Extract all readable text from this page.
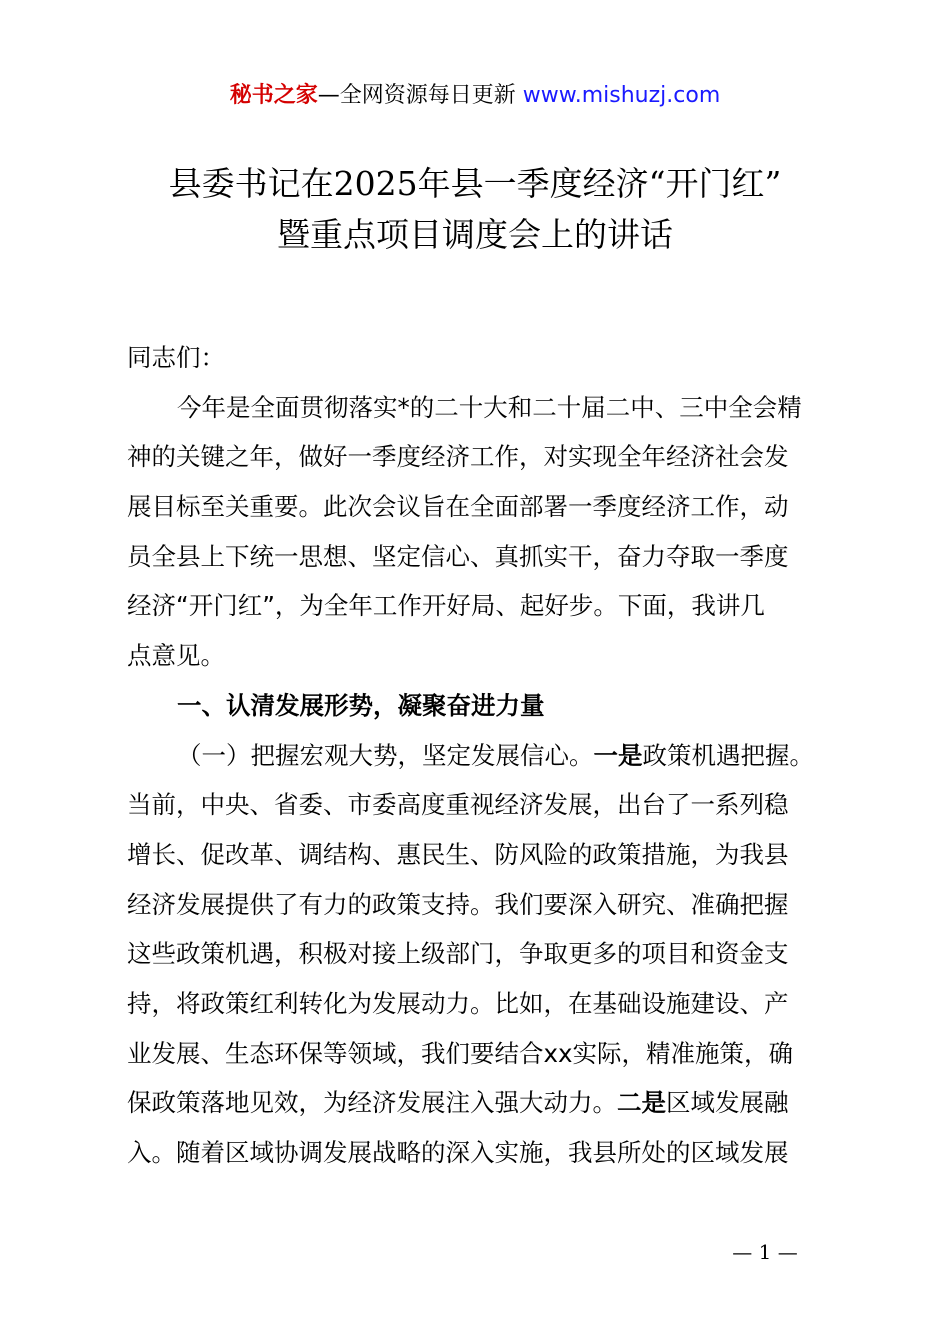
秘书之家—全网资源每日更新 www.mishuzj.com
县委书记在2025年县一季度经济“开门红”
暨重点项目调度会上的讲话
同志们：
今年是全面贯彻落实*的二十大和二十届二中、三中全会精
神的关键之年，做好一季度经济工作，对实现全年经济社会发
展目标至关重要。此次会议旨在全面部署一季度经济工作，动
员全县上下统一思想、坚定信心、真抓实干，奋力夺取一季度
经济“开门红”，为全年工作开好局、起好步。下面，我讲几
点意见。
一、认清发展形势，凝聚奋进力量
（一）把握宏观大势，坚定发展信心。一是政策机遇把握。
当前，中央、省委、市委高度重视经济发展，出台了一系列稳
增长、促改革、调结构、惠民生、防风险的政策措施，为我县
经济发展提供了有力的政策支持。我们要深入研究、准确把握
这些政策机遇，积极对接上级部门，争取更多的项目和资金支
持，将政策红利转化为发展动力。比如，在基础设施建设、产
业发展、生态环保等领域，我们要结合xx实际，精准施策，确
保政策落地见效，为经济发展注入强大动力。二是区域发展融
入。随着区域协调发展战略的深入实施，我县所处的区域发展
— 1 —
